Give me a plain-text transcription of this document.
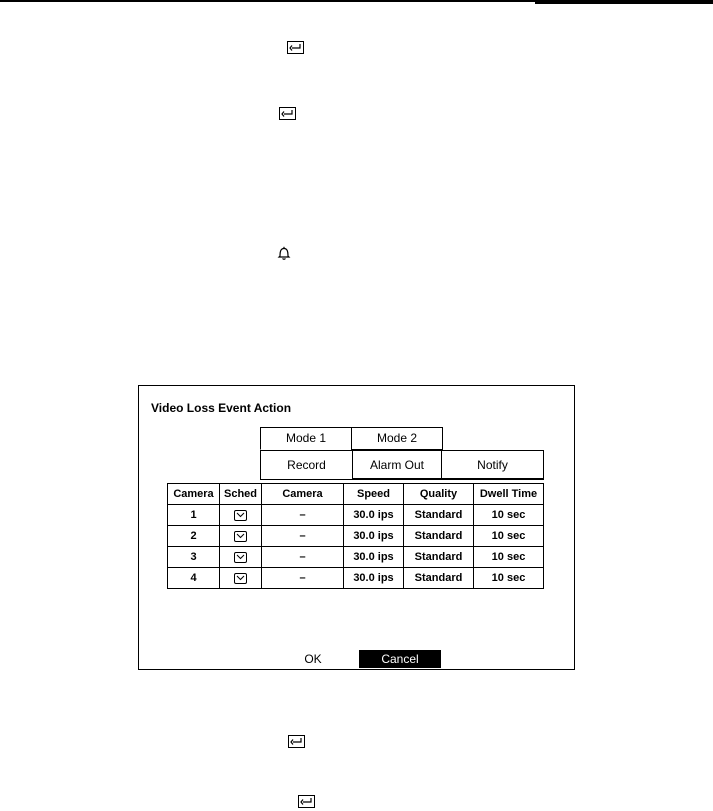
Video Loss Event Action
Mode 1	Mode 2
Record	Alarm Out	Notify
Camera	Sched	Camera	Speed	Quality	Dwell Time
1		–	30.0 ips	Standard	10 sec
2		–	30.0 ips	Standard	10 sec
3		–	30.0 ips	Standard	10 sec
4		–	30.0 ips	Standard	10 sec
OK	Cancel
